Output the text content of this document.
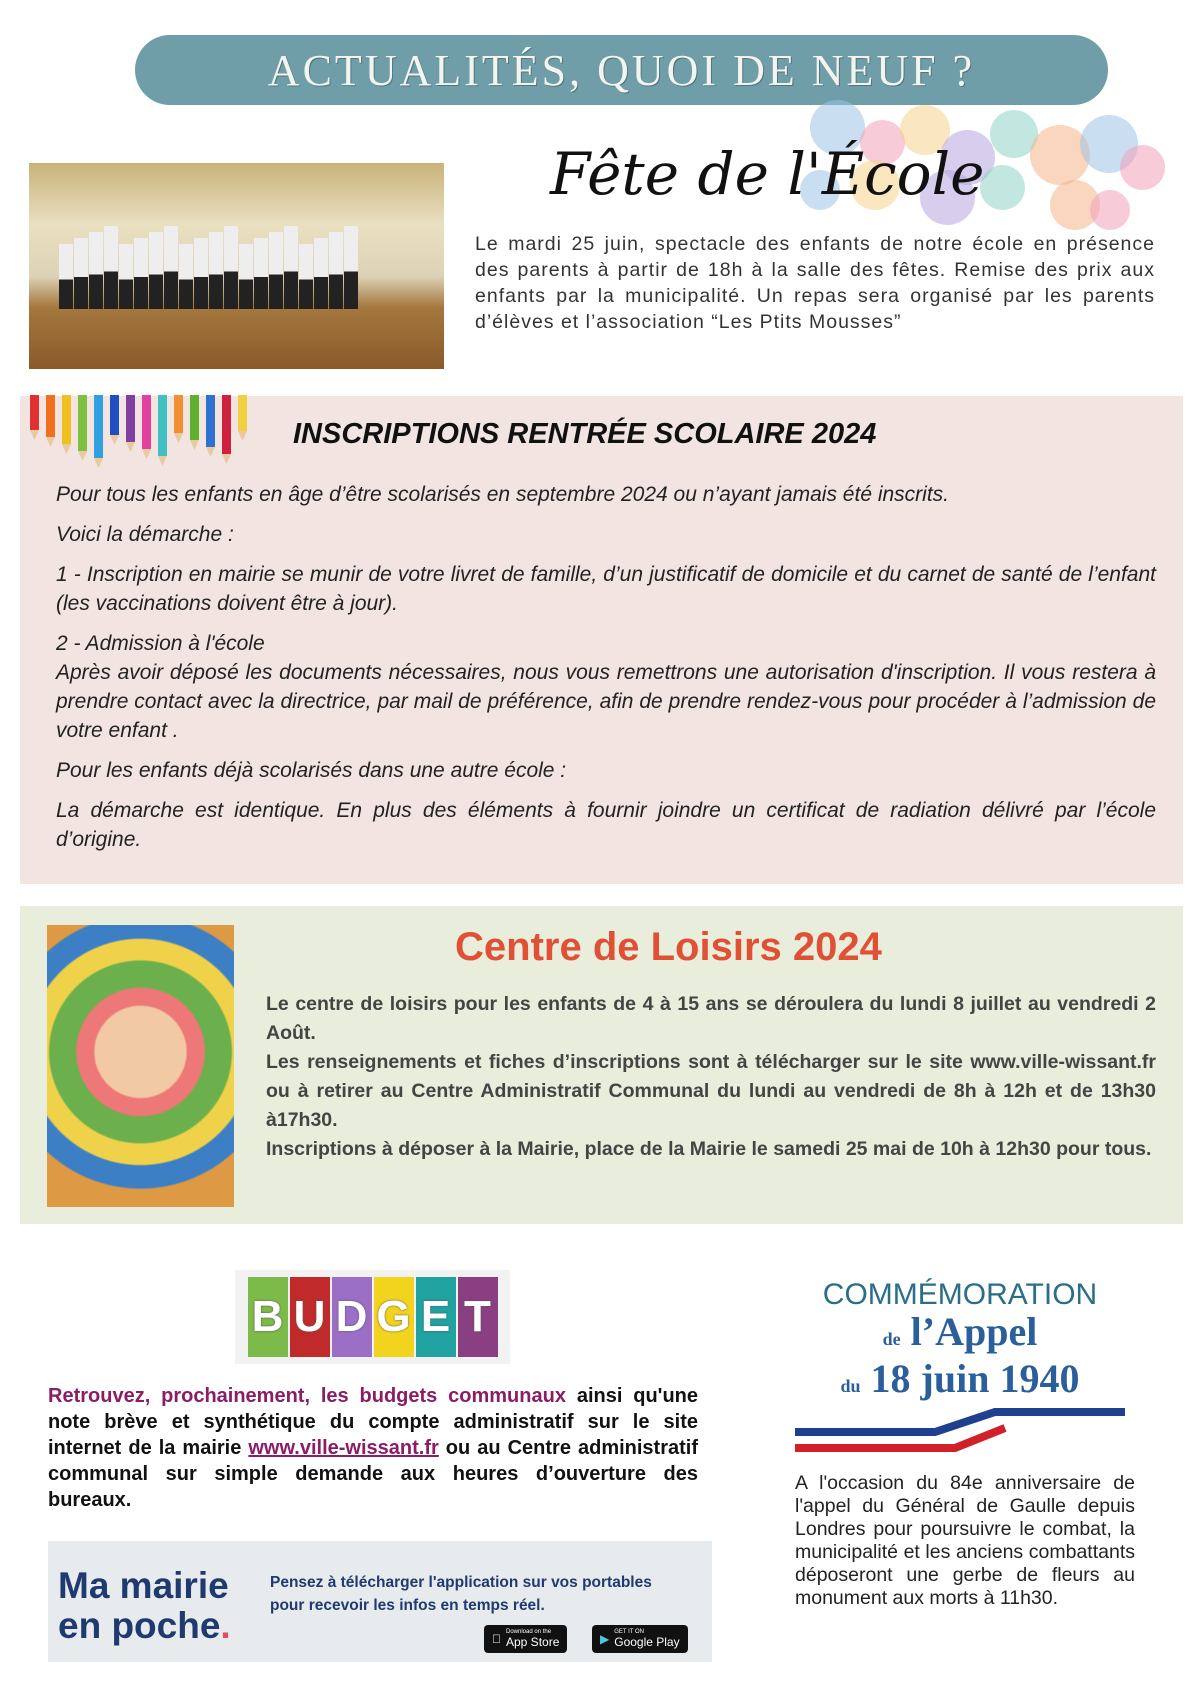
ACTUALITÉS, QUOI DE NEUF ?
Fête de l'École
Le mardi 25 juin, spectacle des enfants de notre école en présence des parents à partir de 18h à la salle des fêtes. Remise des prix aux enfants par la municipalité. Un repas sera organisé par les parents d’élèves et l’association “Les Ptits Mousses”
INSCRIPTIONS RENTRÉE SCOLAIRE 2024

Pour tous les enfants en âge d’être scolarisés en septembre 2024 ou n’ayant jamais été inscrits.

Voici la démarche :

1 - Inscription en mairie se munir de votre livret de famille, d’un justificatif de domicile et du carnet de santé de l’enfant (les vaccinations doivent être à jour).

2 - Admission à l'école

Après avoir déposé les documents nécessaires, nous vous remettrons une autorisation d'inscription. Il vous restera à prendre contact avec la directrice, par mail de préférence, afin de prendre rendez-vous pour procéder à l’admission de votre enfant .

Pour les enfants déjà scolarisés dans une autre école :

La démarche est identique. En plus des éléments à fournir joindre un certificat de radiation délivré par l’école d’origine.

Centre de Loisirs 2024
Le centre de loisirs pour les enfants de 4 à 15 ans se déroulera du lundi 8 juillet au vendredi 2 Août.
Les renseignements et fiches d’inscriptions sont à télécharger sur le site www.ville-wissant.fr ou à retirer au Centre Administratif Communal du lundi au vendredi de 8h à 12h et de 13h30 à17h30.
Inscriptions à déposer à la Mairie, place de la Mairie le samedi 25 mai de 10h à 12h30 pour tous.
B U D G E T
Retrouvez, prochainement, les budgets communaux ainsi qu'une note brève et synthétique du compte administratif sur le site internet de la mairie www.ville-wissant.fr ou au Centre administratif communal sur simple demande aux heures d’ouverture des bureaux.
Ma mairie
en poche.
Pensez à télécharger l'application sur vos portables pour recevoir les infos en temps réel.
Download on the
App Store	▶ GET IT ON
Google Play
COMMÉMORATION
de l’Appel
du 18 juin 1940
A l'occasion du 84e anniversaire de l'appel du Général de Gaulle depuis Londres pour poursuivre le combat, la municipalité et les anciens combattants déposeront une gerbe de fleurs au monument aux morts à 11h30.
